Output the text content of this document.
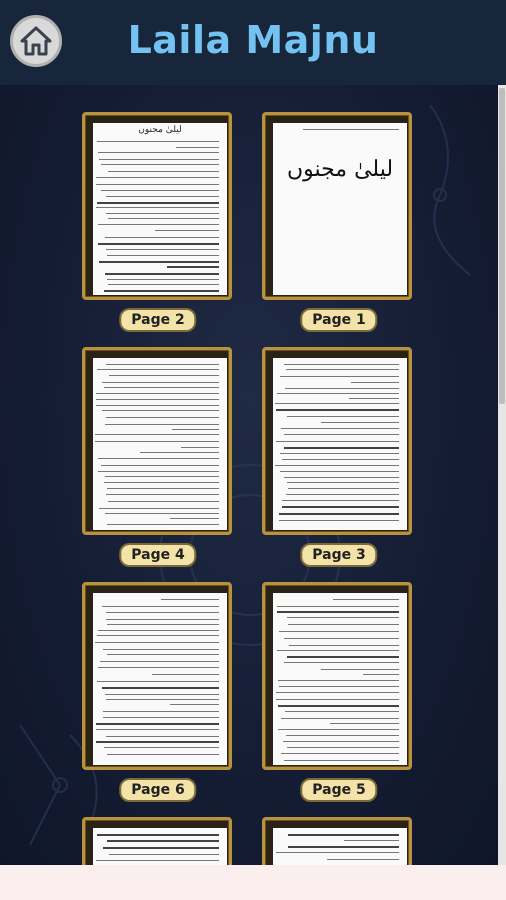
Laila Majnu
لیلیٰ مجنوں
Page 2
لیلیٰ مجنوں
Page 1
Page 4	Page 3
Page 6	Page 5
